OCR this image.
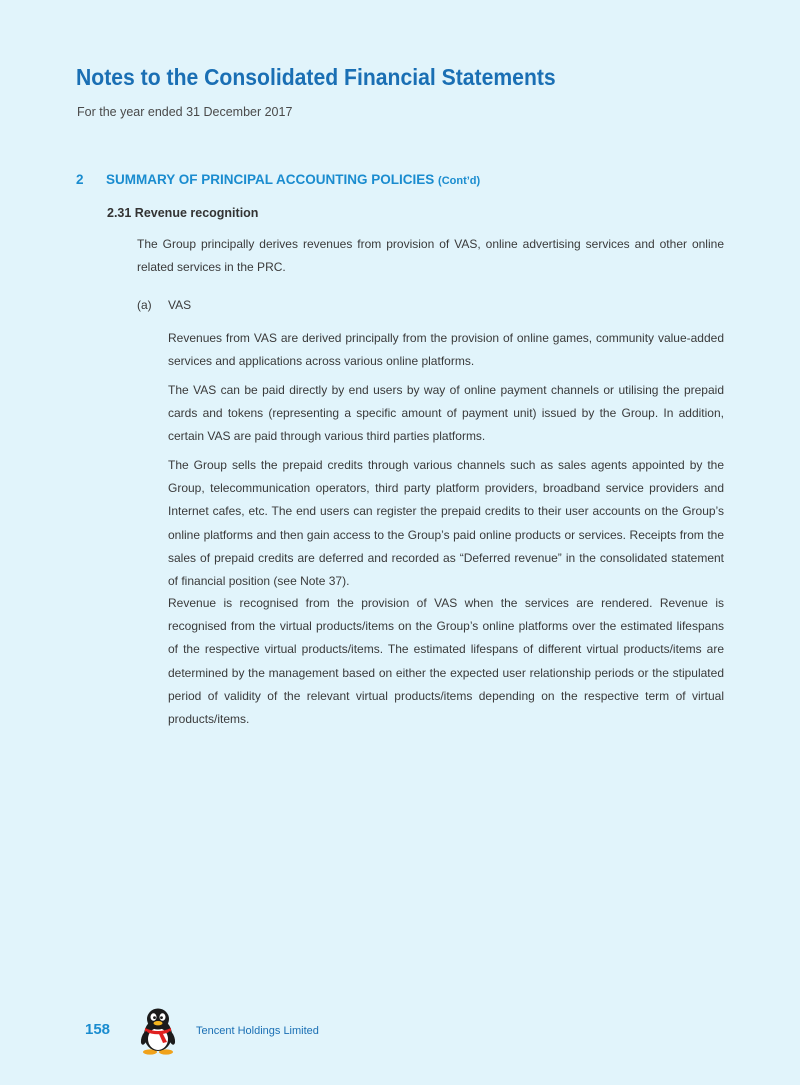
Notes to the Consolidated Financial Statements
For the year ended 31 December 2017
2 SUMMARY OF PRINCIPAL ACCOUNTING POLICIES (Cont’d)
2.31 Revenue recognition

The Group principally derives revenues from provision of VAS, online advertising services and other online related services in the PRC.

(a) VAS

Revenues from VAS are derived principally from the provision of online games, community value-added services and applications across various online platforms.

The VAS can be paid directly by end users by way of online payment channels or utilising the prepaid cards and tokens (representing a specific amount of payment unit) issued by the Group. In addition, certain VAS are paid through various third parties platforms.

The Group sells the prepaid credits through various channels such as sales agents appointed by the Group, telecommunication operators, third party platform providers, broadband service providers and Internet cafes, etc. The end users can register the prepaid credits to their user accounts on the Group’s online platforms and then gain access to the Group’s paid online products or services. Receipts from the sales of prepaid credits are deferred and recorded as “Deferred revenue” in the consolidated statement of financial position (see Note 37).

Revenue is recognised from the provision of VAS when the services are rendered. Revenue is recognised from the virtual products/items on the Group’s online platforms over the estimated lifespans of the respective virtual products/items. The estimated lifespans of different virtual products/items are determined by the management based on either the expected user relationship periods or the stipulated period of validity of the relevant virtual products/items depending on the respective term of virtual products/items.

158	Tencent Holdings Limited
